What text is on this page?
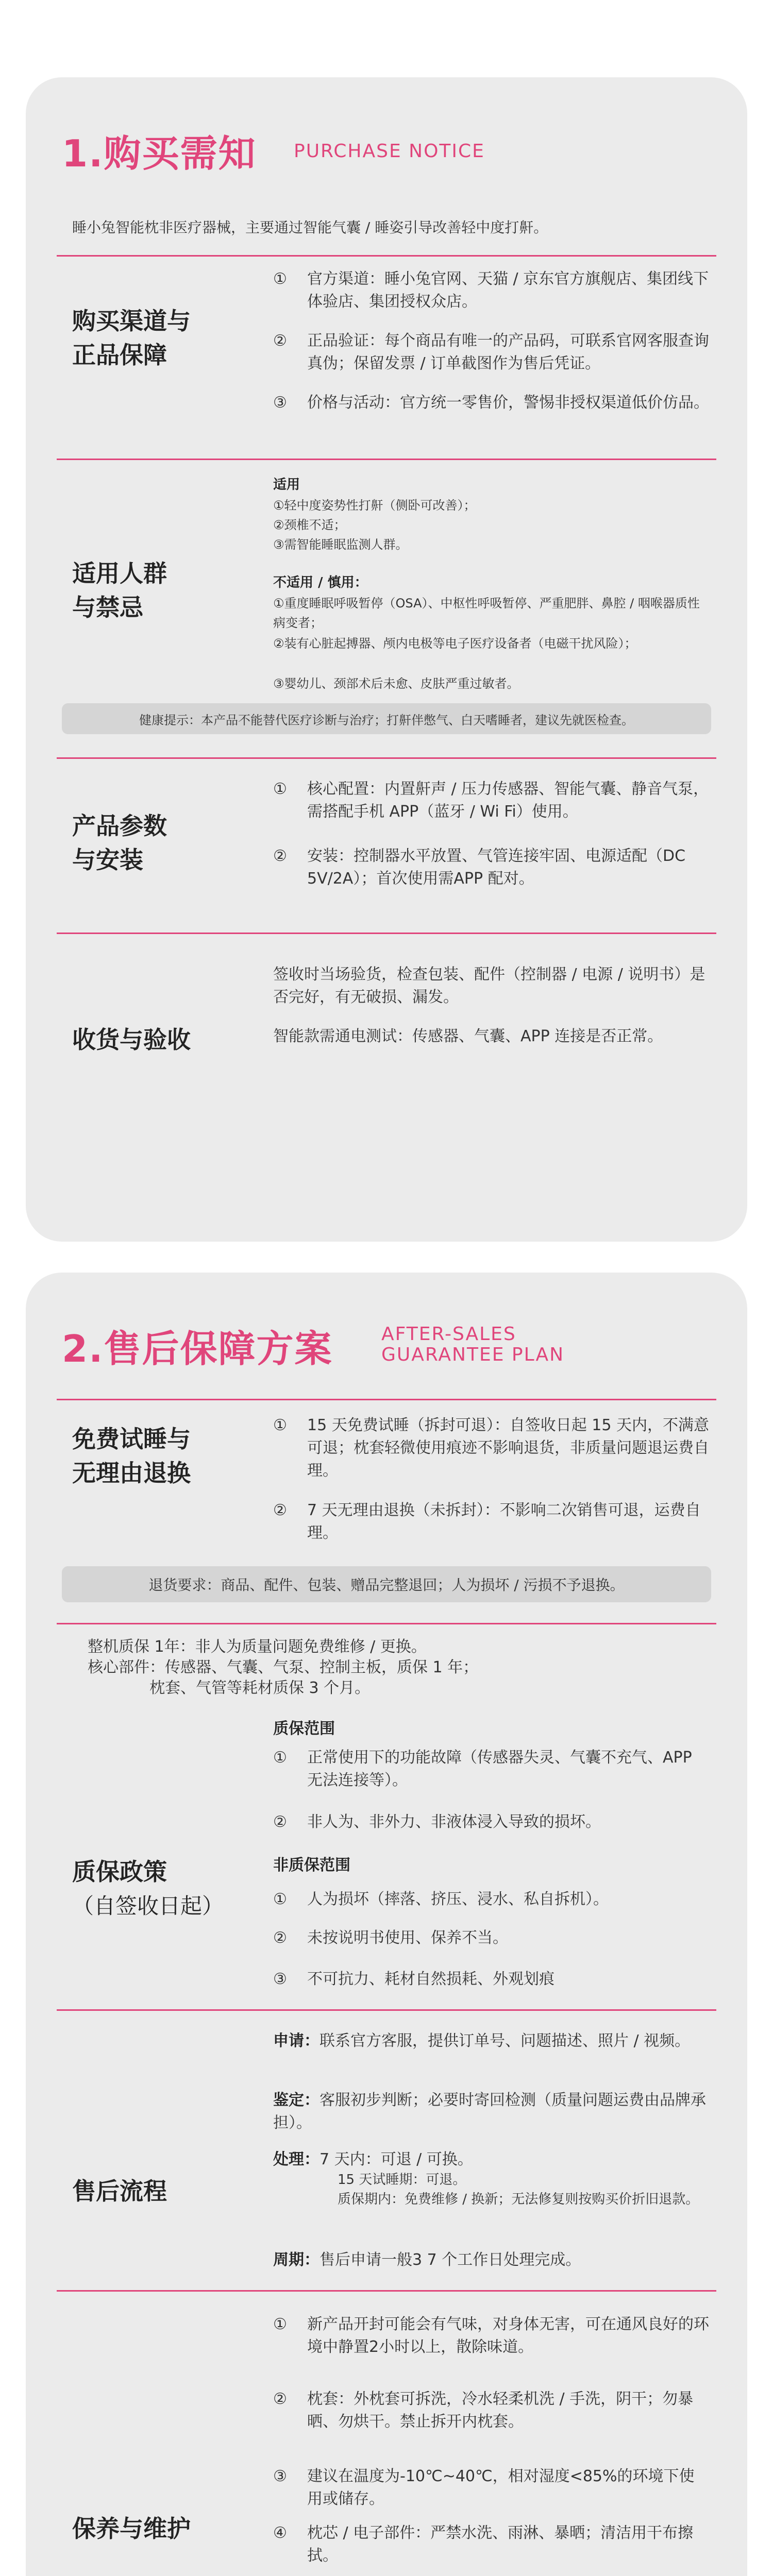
1.购买需知 PURCHASE NOTICE
睡小兔智能枕非医疗器械，主要通过智能气囊 / 睡姿引导改善轻中度打鼾。
购买渠道与
正品保障
① 官方渠道：睡小兔官网、天猫 / 京东官方旗舰店、集团线下体验店、集团授权众店。
② 正品验证：每个商品有唯一的产品码，可联系官网客服查询真伪；保留发票 / 订单截图作为售后凭证。
③ 价格与活动：官方统一零售价，警惕非授权渠道低价仿品。
适用人群
与禁忌
适用
①轻中度姿势性打鼾（侧卧可改善）；
②颈椎不适；
③需智能睡眠监测人群。
不适用 / 慎用：
①重度睡眠呼吸暂停（OSA）、中枢性呼吸暂停、严重肥胖、鼻腔 / 咽喉器质性病变者；
②装有心脏起搏器、颅内电极等电子医疗设备者（电磁干扰风险）；
③婴幼儿、颈部术后未愈、皮肤严重过敏者。
健康提示：本产品不能替代医疗诊断与治疗；打鼾伴憋气、白天嗜睡者，建议先就医检查。
产品参数
与安装
① 核心配置：内置鼾声 / 压力传感器、智能气囊、静音气泵，需搭配手机 APP（蓝牙 / Wi Fi）使用。
② 安装：控制器水平放置、气管连接牢固、电源适配（DC 5V/2A）；首次使用需APP 配对。
收货与验收
签收时当场验货，检查包装、配件（控制器 / 电源 / 说明书）是否完好，有无破损、漏发。
智能款需通电测试：传感器、气囊、APP 连接是否正常。
2.售后保障方案	AFTER-SALES
GUARANTEE PLAN
免费试睡与
无理由退换
① 15 天免费试睡（拆封可退）：自签收日起 15 天内，不满意可退；枕套轻微使用痕迹不影响退货，非质量问题退运费自理。
② 7 天无理由退换（未拆封）：不影响二次销售可退，运费自理。
退货要求：商品、配件、包装、赠品完整退回；人为损坏 / 污损不予退换。
整机质保 1年：非人为质量问题免费维修 / 更换。
核心部件：传感器、气囊、气泵、控制主板，质保 1 年；
枕套、气管等耗材质保 3 个月。
质保政策
（自签收日起）
质保范围
① 正常使用下的功能故障（传感器失灵、气囊不充气、APP 无法连接等）。
② 非人为、非外力、非液体浸入导致的损坏。
非质保范围
① 人为损坏（摔落、挤压、浸水、私自拆机）。
② 未按说明书使用、保养不当。
③ 不可抗力、耗材自然损耗、外观划痕
售后流程
申请：联系官方客服，提供订单号、问题描述、照片 / 视频。
鉴定：客服初步判断；必要时寄回检测（质量问题运费由品牌承担）。
处理：7 天内：可退 / 可换。
15 天试睡期：可退。
质保期内：免费维修 / 换新；无法修复则按购买价折旧退款。
周期：售后申请一般3 7 个工作日处理完成。
保养与维护
① 新产品开封可能会有气味，对身体无害，可在通风良好的环境中静置2小时以上，散除味道。
② 枕套：外枕套可拆洗，冷水轻柔机洗 / 手洗，阴干；勿暴晒、勿烘干。禁止拆开内枕套。
③ 建议在温度为-10℃~40℃，相对湿度<85%的环境下使用或储存。
④ 枕芯 / 电子部件：严禁水洗、雨淋、暴晒；清洁用干布擦拭。
